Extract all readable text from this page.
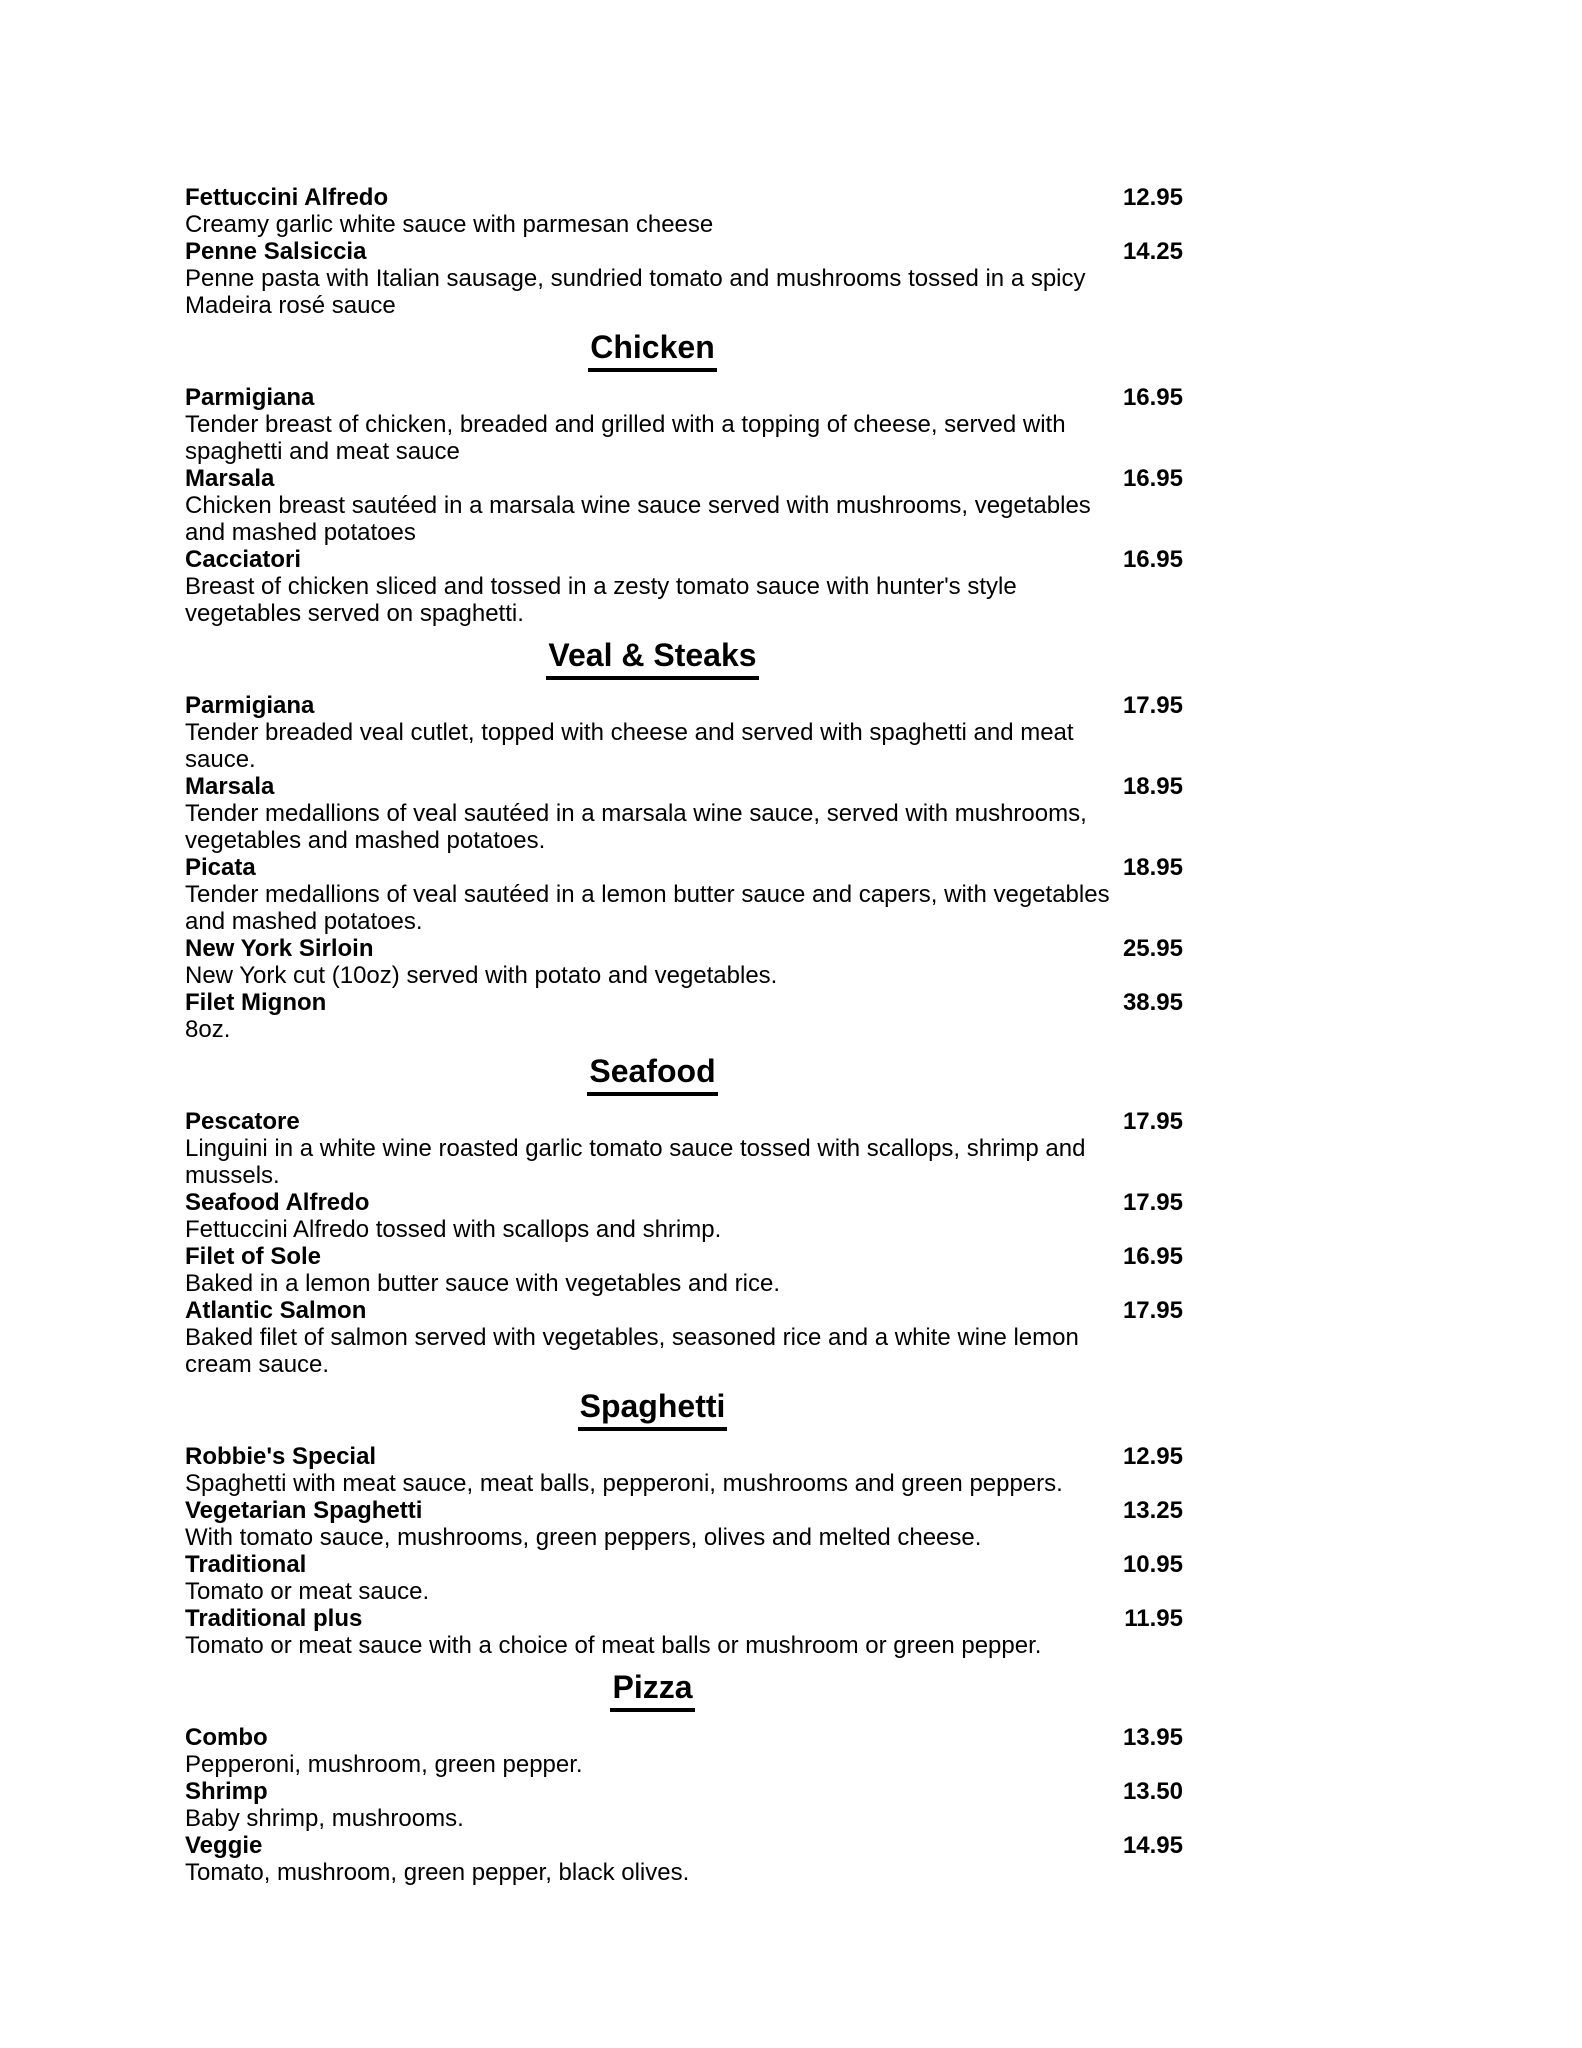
Fettuccini Alfredo	12.95
Creamy garlic white sauce with parmesan cheese
Penne Salsiccia	14.25
Penne pasta with Italian sausage, sundried tomato and mushrooms tossed in a spicy Madeira rosé sauce
Chicken
Parmigiana	16.95
Tender breast of chicken, breaded and grilled with a topping of cheese, served with spaghetti and meat sauce
Marsala	16.95
Chicken breast sautéed in a marsala wine sauce served with mushrooms, vegetables and mashed potatoes
Cacciatori	16.95
Breast of chicken sliced and tossed in a zesty tomato sauce with hunter's style vegetables served on spaghetti.
Veal & Steaks
Parmigiana	17.95
Tender breaded veal cutlet, topped with cheese and served with spaghetti and meat sauce.
Marsala	18.95
Tender medallions of veal sautéed in a marsala wine sauce, served with mushrooms, vegetables and mashed potatoes.
Picata	18.95
Tender medallions of veal sautéed in a lemon butter sauce and capers, with vegetables and mashed potatoes.
New York Sirloin	25.95
New York cut (10oz) served with potato and vegetables.
Filet Mignon	38.95
8oz.
Seafood
Pescatore	17.95
Linguini in a white wine roasted garlic tomato sauce tossed with scallops, shrimp and mussels.
Seafood Alfredo	17.95
Fettuccini Alfredo tossed with scallops and shrimp.
Filet of Sole	16.95
Baked in a lemon butter sauce with vegetables and rice.
Atlantic Salmon	17.95
Baked filet of salmon served with vegetables, seasoned rice and a white wine lemon cream sauce.
Spaghetti
Robbie's Special	12.95
Spaghetti with meat sauce, meat balls, pepperoni, mushrooms and green peppers.
Vegetarian Spaghetti	13.25
With tomato sauce, mushrooms, green peppers, olives and melted cheese.
Traditional	10.95
Tomato or meat sauce.
Traditional plus	11.95
Tomato or meat sauce with a choice of meat balls or mushroom or green pepper.
Pizza
Combo	13.95
Pepperoni, mushroom, green pepper.
Shrimp	13.50
Baby shrimp, mushrooms.
Veggie	14.95
Tomato, mushroom, green pepper, black olives.
